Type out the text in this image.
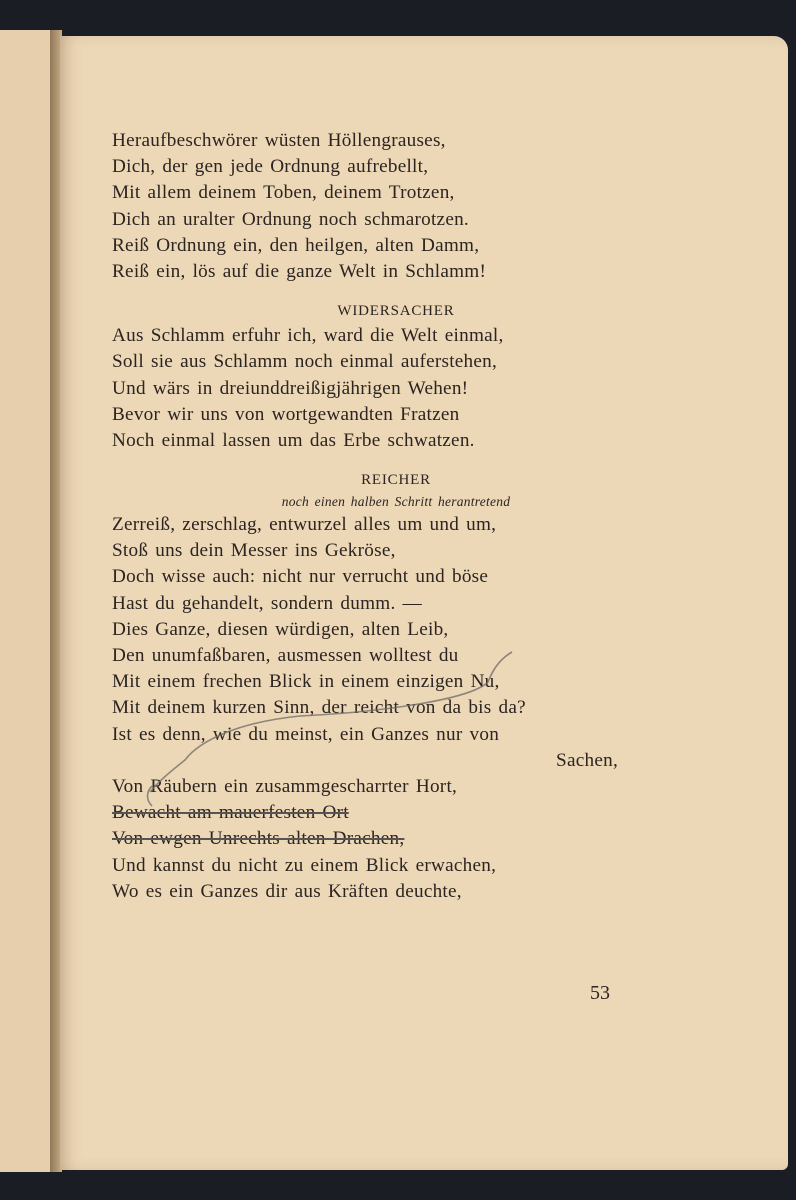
Heraufbeschwörer wüsten Höllengrauses,
Dich, der gen jede Ordnung aufrebellt,
Mit allem deinem Toben, deinem Trotzen,
Dich an uralter Ordnung noch schmarotzen.
Reiß Ordnung ein, den heilgen, alten Damm,
Reiß ein, lös auf die ganze Welt in Schlamm!
WIDERSACHER
Aus Schlamm erfuhr ich, ward die Welt einmal,
Soll sie aus Schlamm noch einmal auferstehen,
Und wärs in dreiunddreißigjährigen Wehen!
Bevor wir uns von wortgewandten Fratzen
Noch einmal lassen um das Erbe schwatzen.
REICHER
noch einen halben Schritt herantretend
Zerreiß, zerschlag, entwurzel alles um und um,
Stoß uns dein Messer ins Gekröse,
Doch wisse auch: nicht nur verrucht und böse
Hast du gehandelt, sondern dumm. —
Dies Ganze, diesen würdigen, alten Leib,
Den unumfaßbaren, ausmessen wolltest du
Mit einem frechen Blick in einem einzigen Nu,
Mit deinem kurzen Sinn, der reicht von da bis da?
Ist es denn, wie du meinst, ein Ganzes nur von
Sachen,
Von Räubern ein zusammgescharrter Hort,
Bewacht am mauerfesten Ort
Von ewgen Unrechts alten Drachen,
Und kannst du nicht zu einem Blick erwachen,
Wo es ein Ganzes dir aus Kräften deuchte,
53
